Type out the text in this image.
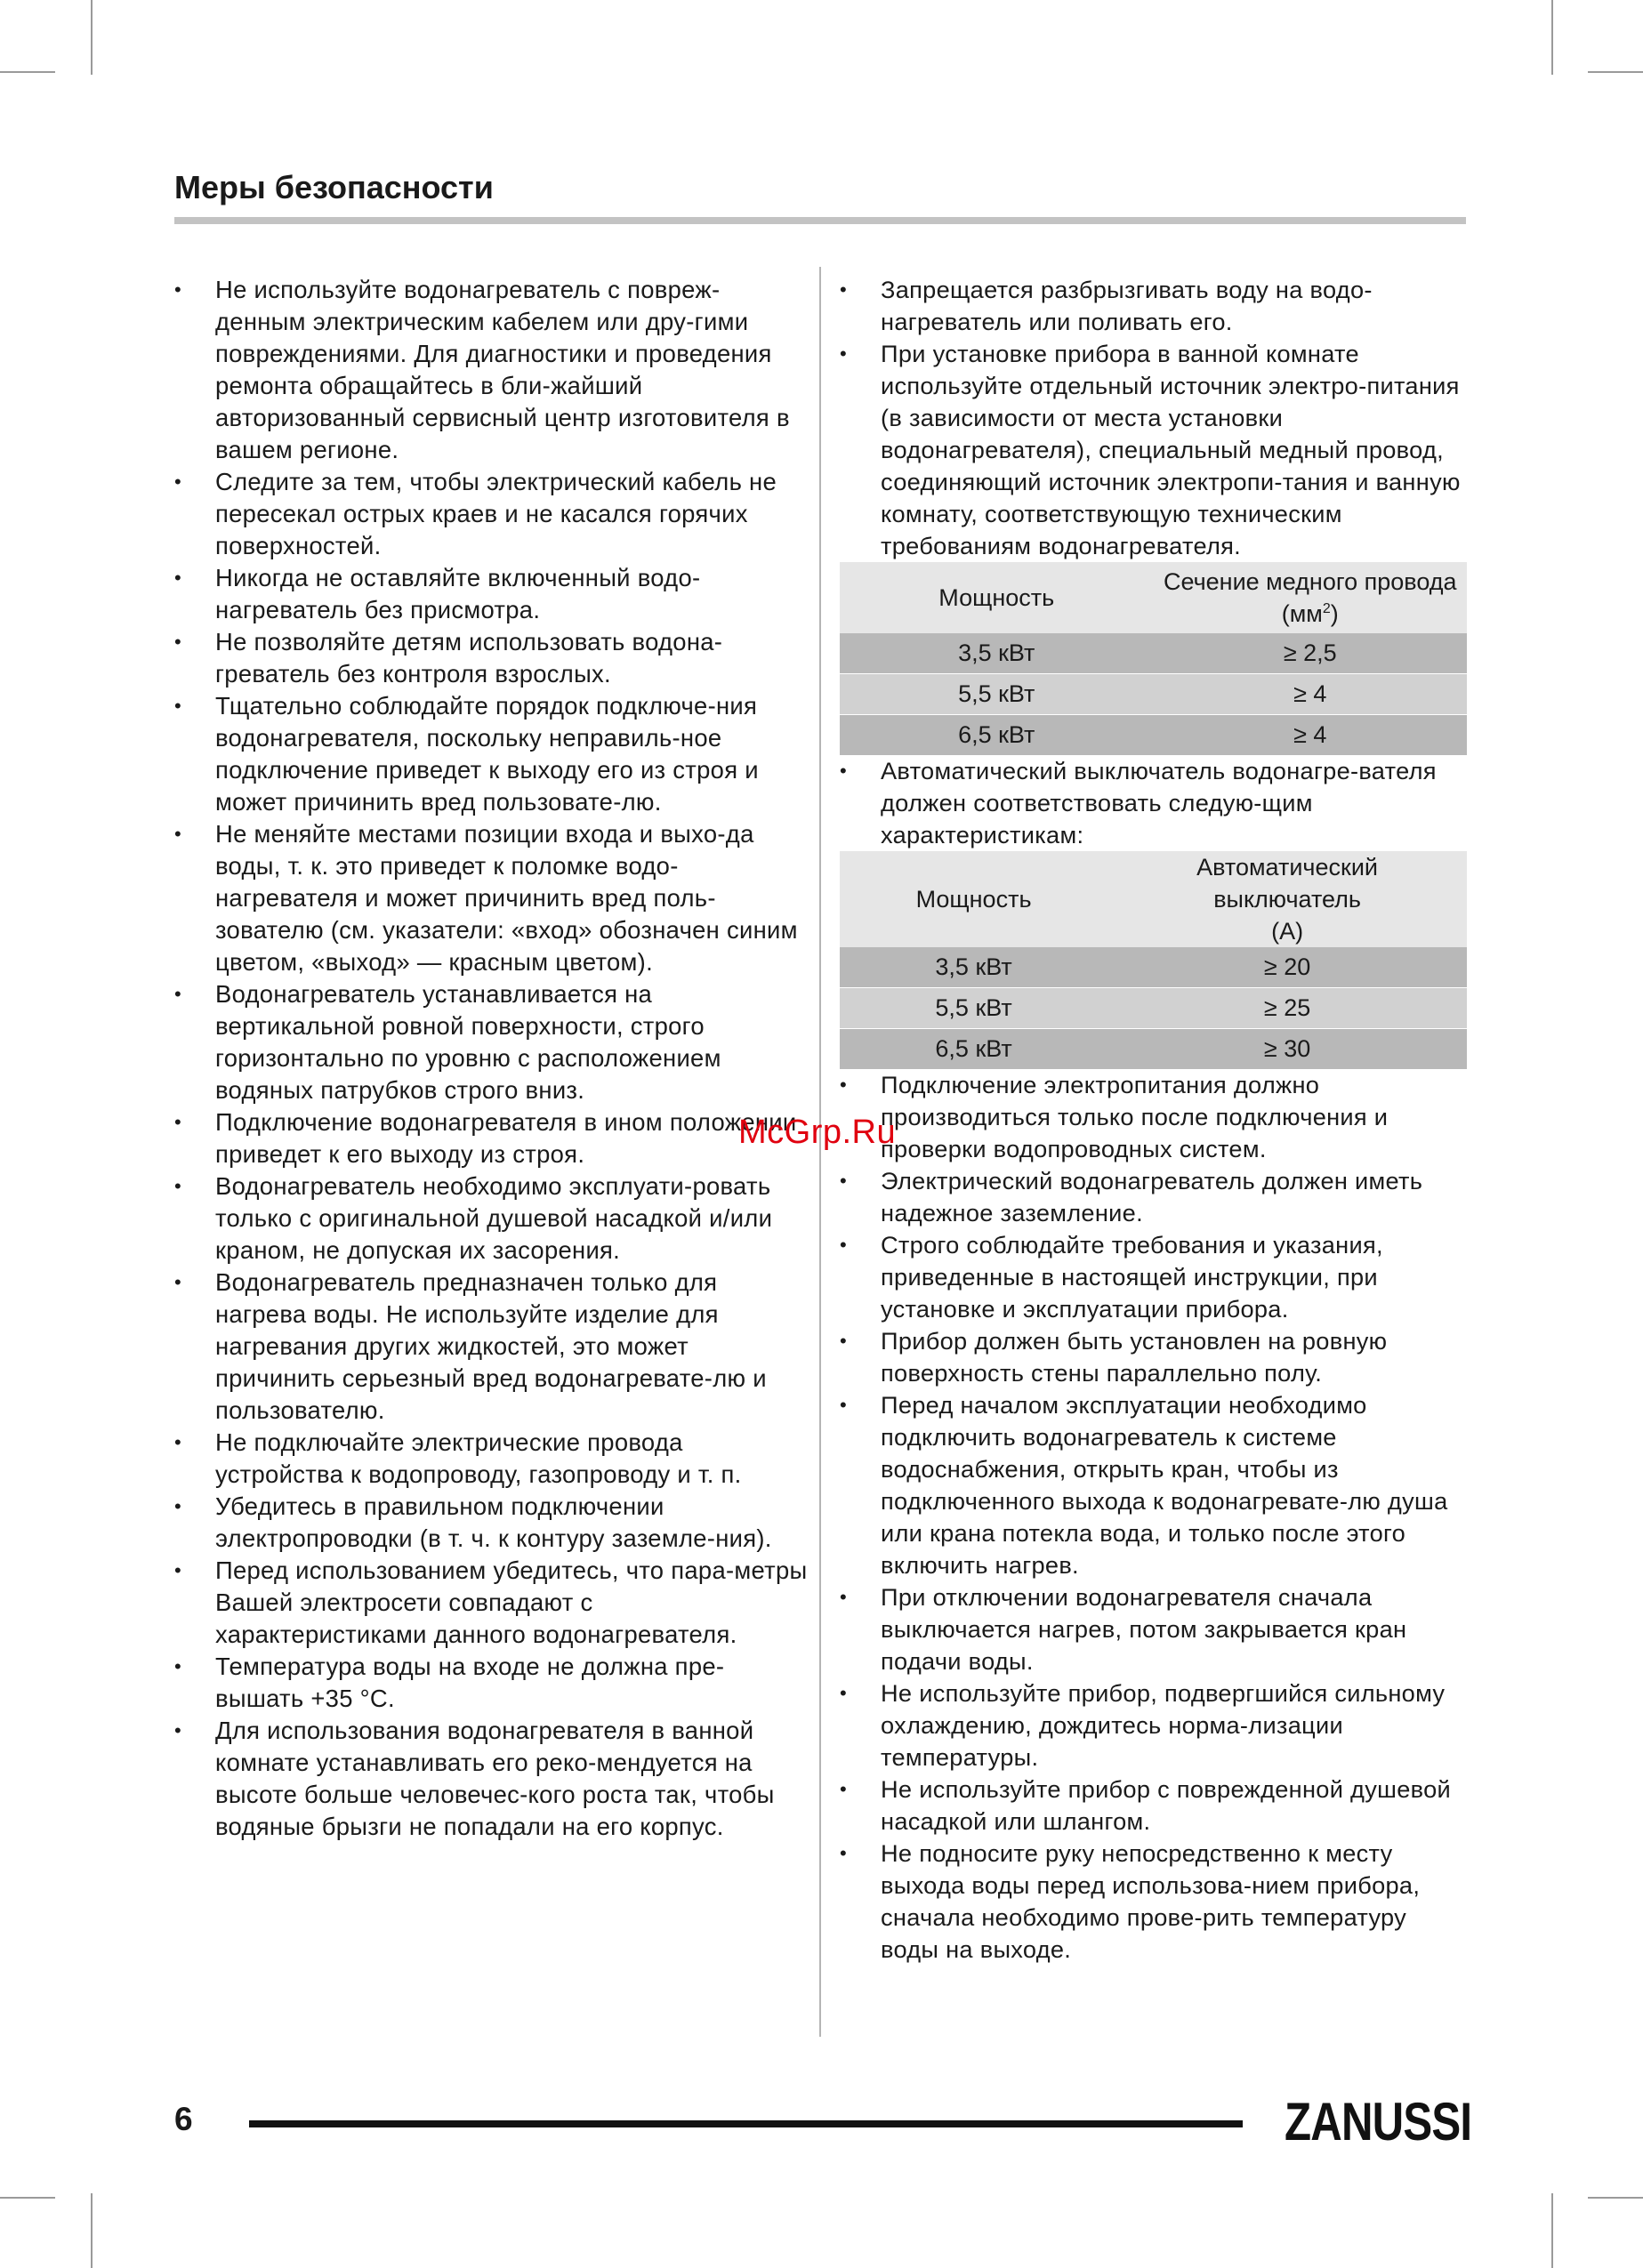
Меры безопасности
• Не используйте водонагреватель с повреж-денным электрическим кабелем или дру-гими повреждениями. Для диагностики и проведения ремонта обращайтесь в бли-жайший авторизованный сервисный центр изготовителя в вашем регионе.
• Следите за тем, чтобы электрический кабель не пересекал острых краев и не касался горячих поверхностей.
• Никогда не оставляйте включенный водо-нагреватель без присмотра.
• Не позволяйте детям использовать водона-греватель без контроля взрослых.
• Тщательно соблюдайте порядок подключе-ния водонагревателя, поскольку неправиль-ное подключение приведет к выходу его из строя и может причинить вред пользовате-лю.
• Не меняйте местами позиции входа и выхо-да воды, т. к. это приведет к поломке водо-нагревателя и может причинить вред поль-зователю (см. указатели: «вход» обозначен синим цветом, «выход» — красным цветом).
• Водонагреватель устанавливается на вертикальной ровной поверхности, строго горизонтально по уровню с расположением водяных патрубков строго вниз.
• Подключение водонагревателя в ином положении приведет к его выходу из строя.
• Водонагреватель необходимо эксплуати-ровать только с оригинальной душевой насадкой и/или краном, не допуская их засорения.
• Водонагреватель предназначен только для нагрева воды. Не используйте изделие для нагревания других жидкостей, это может причинить серьезный вред водонагревате-лю и пользователю.
• Не подключайте электрические провода устройства к водопроводу, газопроводу и т. п.
• Убедитесь в правильном подключении электропроводки (в т. ч. к контуру заземле-ния).
• Перед использованием убедитесь, что пара-метры Вашей электросети совпадают с характеристиками данного водонагревателя.
• Температура воды на входе не должна пре-вышать +35 °С.
• Для использования водонагревателя в ванной комнате устанавливать его реко-мендуется на высоте больше человечес-кого роста так, чтобы водяные брызги не попадали на его корпус.
• Запрещается разбрызгивать воду на водо-нагреватель или поливать его.
• При установке прибора в ванной комнате используйте отдельный источник электро-питания (в зависимости от места установки водонагревателя), специальный медный провод, соединяющий источник электропи-тания и ванную комнату, соответствующую техническим требованиям водонагревателя.
Мощность	Сечение медного провода $(мм^2)$
3,5 кВт	≥ 2,5

5,5 кВт	≥ 4

6,5 кВт	≥ 4
• Автоматический выключатель водонагре-вателя должен соответствовать следую-щим характеристикам:
Мощность	Автоматический выключатель (А)
3,5 кВт	≥ 20

5,5 кВт	≥ 25

6,5 кВт	≥ 30
• Подключение электропитания должно производиться только после подключения и проверки водопроводных систем.
• Электрический водонагреватель должен иметь надежное заземление.
• Строго соблюдайте требования и указания, приведенные в настоящей инструкции, при установке и эксплуатации прибора.
• Прибор должен быть установлен на ровную поверхность стены параллельно полу.
• Перед началом эксплуатации необходимо подключить водонагреватель к системе водоснабжения, открыть кран, чтобы из подключенного выхода к водонагревате-лю душа или крана потекла вода, и только после этого включить нагрев.
• При отключении водонагревателя сначала выключается нагрев, потом закрывается кран подачи воды.
• Не используйте прибор, подвергшийся сильному охлаждению, дождитесь норма-лизации температуры.
• Не используйте прибор с поврежденной душевой насадкой или шлангом.
• Не подносите руку непосредственно к месту выхода воды перед использова-нием прибора, сначала необходимо прове-рить температуру воды на выходе.
McGrp.Ru
6	ZANUSSI
